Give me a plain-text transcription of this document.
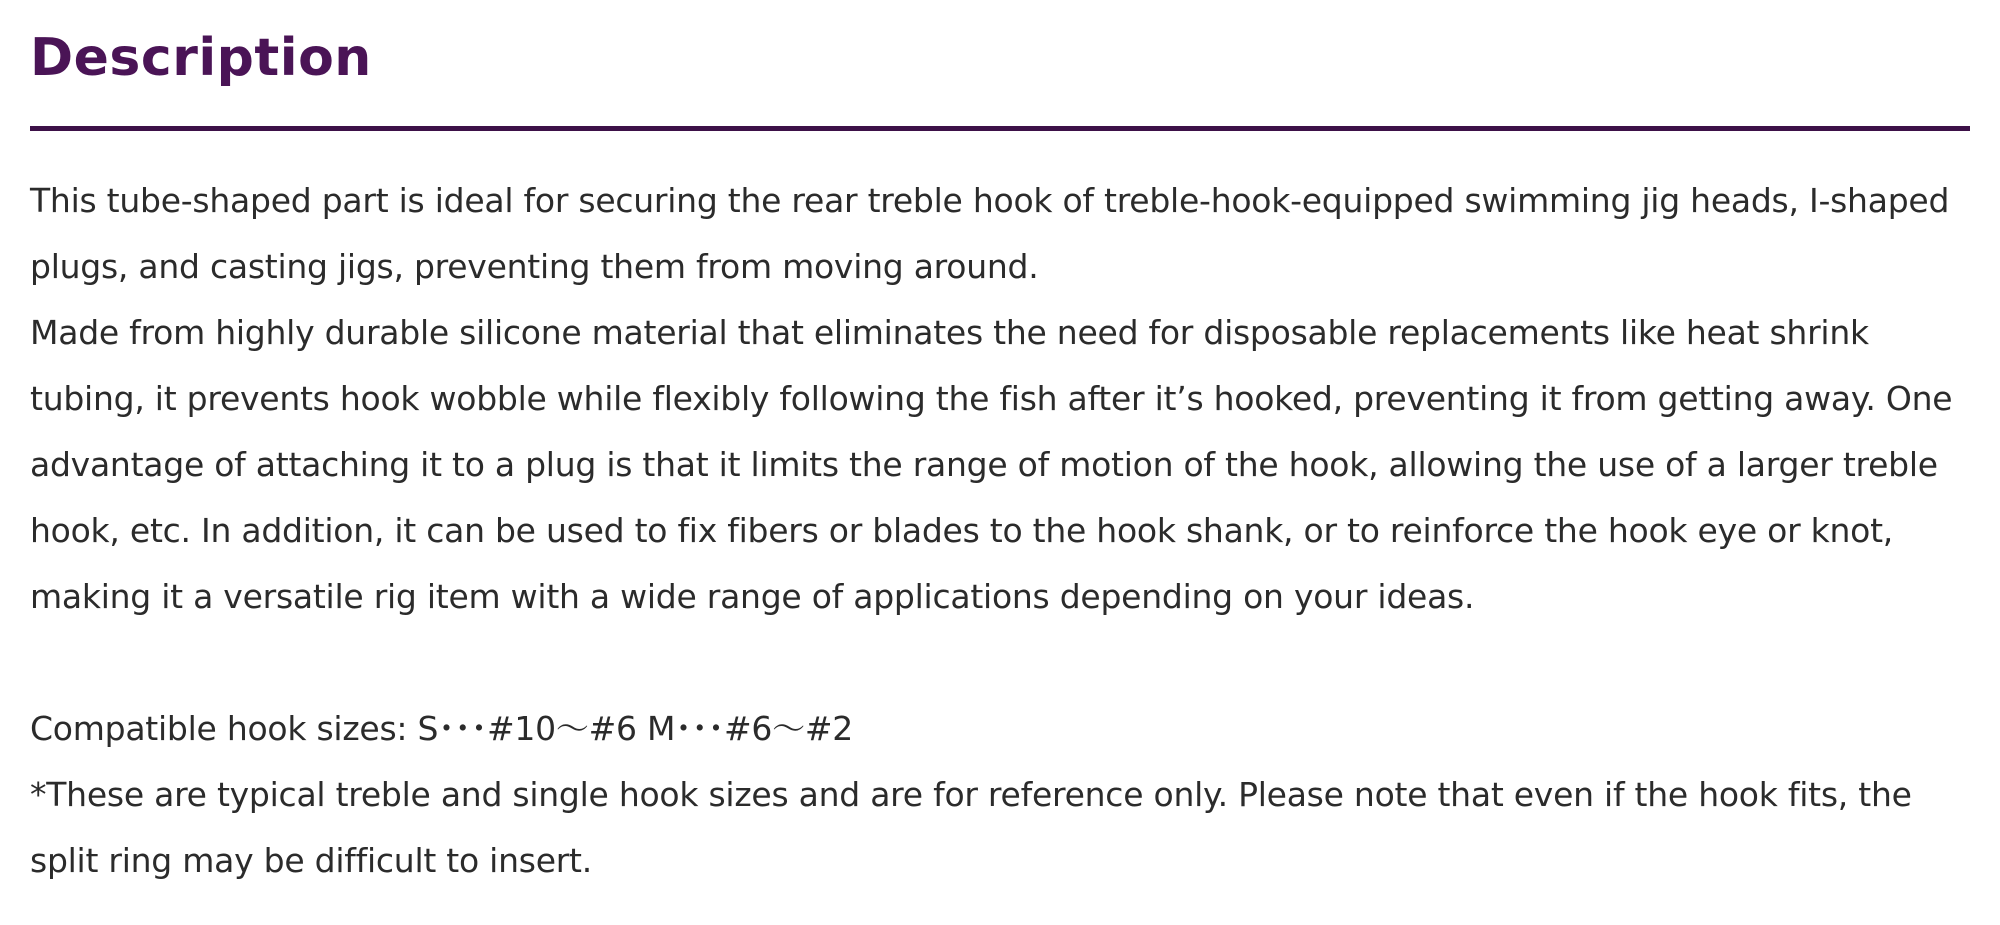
Description

This tube-shaped part is ideal for securing the rear treble hook of treble-hook-equipped swimming jig heads, I-shaped plugs, and casting jigs, preventing them from moving around.

Made from highly durable silicone material that eliminates the need for disposable replacements like heat shrink tubing, it prevents hook wobble while flexibly following the fish after it’s hooked, preventing it from getting away. One advantage of attaching it to a plug is that it limits the range of motion of the hook, allowing the use of a larger treble hook, etc. In addition, it can be used to fix fibers or blades to the hook shank, or to reinforce the hook eye or knot, making it a versatile rig item with a wide range of applications depending on your ideas.

Compatible hook sizes: S･･･#10～#6 M･･･#6～#2

*These are typical treble and single hook sizes and are for reference only. Please note that even if the hook fits, the split ring may be difficult to insert.
